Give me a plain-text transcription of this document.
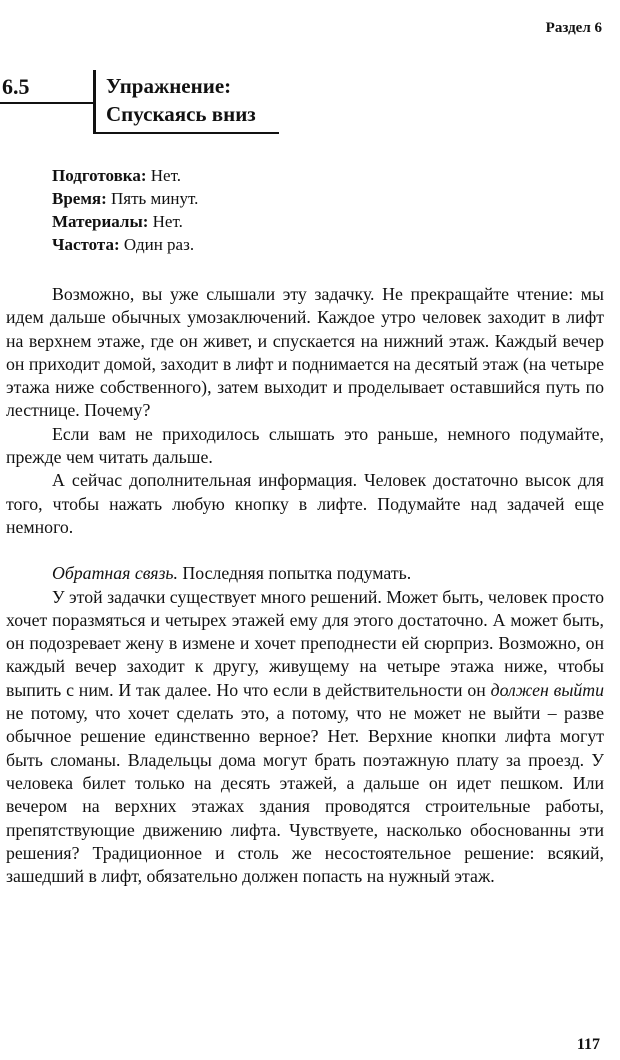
Раздел 6
6.5	Упражнение:
Спускаясь вниз
Подготовка: Нет.
Время: Пять минут.
Материалы: Нет.
Частота: Один раз.

Возможно, вы уже слышали эту задачку. Не прекращайте чтение: мы идем дальше обычных умозаключений. Каждое утро человек заходит в лифт на верхнем этаже, где он живет, и спускается на нижний этаж. Каждый вечер он приходит домой, заходит в лифт и поднимается на десятый этаж (на четыре этажа ниже собственного), затем выходит и проделывает оставшийся путь по лестнице. Почему?

Если вам не приходилось слышать это раньше, немного подумайте, прежде чем читать дальше.

А сейчас дополнительная информация. Человек достаточно высок для того, чтобы нажать любую кнопку в лифте. Подумайте над задачей еще немного.

Обратная связь. Последняя попытка подумать.

У этой задачки существует много решений. Может быть, человек просто хочет поразмяться и четырех этажей ему для этого достаточно. А может быть, он подозревает жену в измене и хочет преподнести ей сюрприз. Возможно, он каждый вечер заходит к другу, живущему на четыре этажа ниже, чтобы выпить с ним. И так далее. Но что если в действительности он должен выйти не потому, что хочет сделать это, а потому, что не может не выйти – разве обычное решение единственно верное? Нет. Верхние кнопки лифта могут быть сломаны. Владельцы дома могут брать поэтажную плату за проезд. У человека билет только на десять этажей, а дальше он идет пешком. Или вечером на верхних этажах здания проводятся строительные работы, препятствующие движению лифта. Чувствуете, насколько обоснованны эти решения? Традиционное и столь же несостоятельное решение: всякий, зашедший в лифт, обязательно должен попасть на нужный этаж.

117
